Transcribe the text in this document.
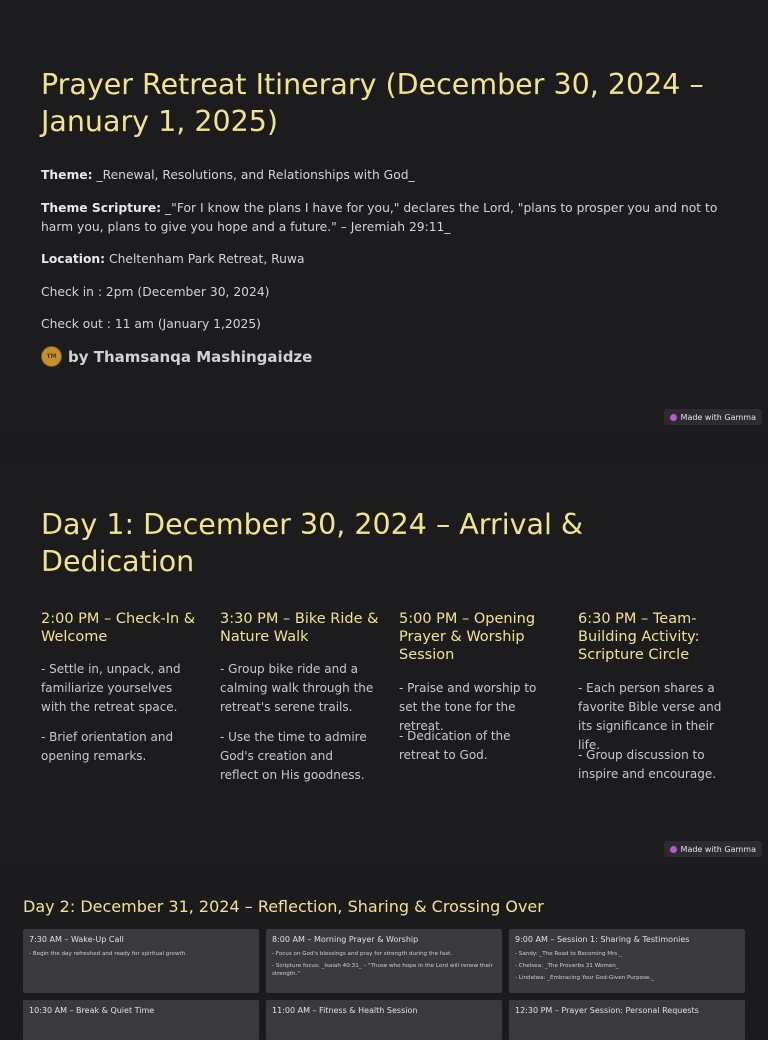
Prayer Retreat Itinerary (December 30, 2024 – January 1, 2025)
Theme: _Renewal, Resolutions, and Relationships with God_
Theme Scripture: _"For I know the plans I have for you," declares the Lord, "plans to prosper you and not to harm you, plans to give you hope and a future." – Jeremiah 29:11_
Location: Cheltenham Park Retreat, Ruwa
Check in : 2pm (December 30, 2024)
Check out : 11 am (January 1,2025)
TM by Thamsanqa Mashingaidze
Made with Gamma
Day 1: December 30, 2024 – Arrival & Dedication
2:00 PM – Check-In & Welcome

- Settle in, unpack, and familiarize yourselves with the retreat space.

- Brief orientation and opening remarks.

3:30 PM – Bike Ride & Nature Walk

- Group bike ride and a calming walk through the retreat's serene trails.

- Use the time to admire God's creation and reflect on His goodness.

5:00 PM – Opening Prayer & Worship Session

- Praise and worship to set the tone for the retreat.

- Dedication of the retreat to God.

6:30 PM – Team-Building Activity: Scripture Circle

- Each person shares a favorite Bible verse and its significance in their life.

- Group discussion to inspire and encourage.

Made with Gamma
Day 2: December 31, 2024 – Reflection, Sharing & Crossing Over
7:30 AM – Wake-Up Call
- Begin the day refreshed and ready for spiritual growth.
8:00 AM – Morning Prayer & Worship
- Focus on God's blessings and pray for strength during the fast.
- Scripture focus: _Isaiah 40:31_ – "Those who hope in the Lord will renew their strength."
9:00 AM – Session 1: Sharing & Testimonies
- Sandy: _The Road to Becoming Mrs._
- Chelsea: _The Proverbs 31 Women_
- Lindelwa: _Embracing Your God-Given Purpose._
10:30 AM – Break & Quiet Time	11:00 AM – Fitness & Health Session	12:30 PM – Prayer Session: Personal Requests
